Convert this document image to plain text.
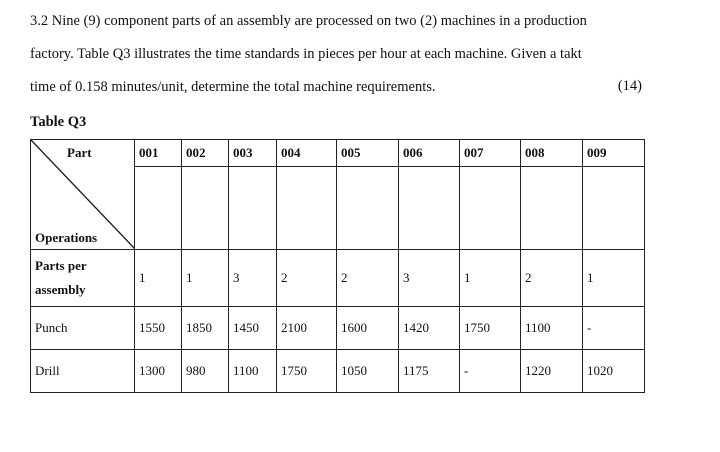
3.2 Nine (9) component parts of an assembly are processed on two (2) machines in a production
factory. Table Q3 illustrates the time standards in pieces per hour at each machine. Given a takt
time of 0.158 minutes/unit, determine the total machine requirements.	(14)
Table Q3
Part
Operations	001	002	003	004	005	006	007	008	009

Parts per
assembly	1	1	3	2	2	3	1	2	1
Punch	1550	1850	1450	2100	1600	1420	1750	1100	-
Drill	1300	980	1100	1750	1050	1175	-	1220	1020
